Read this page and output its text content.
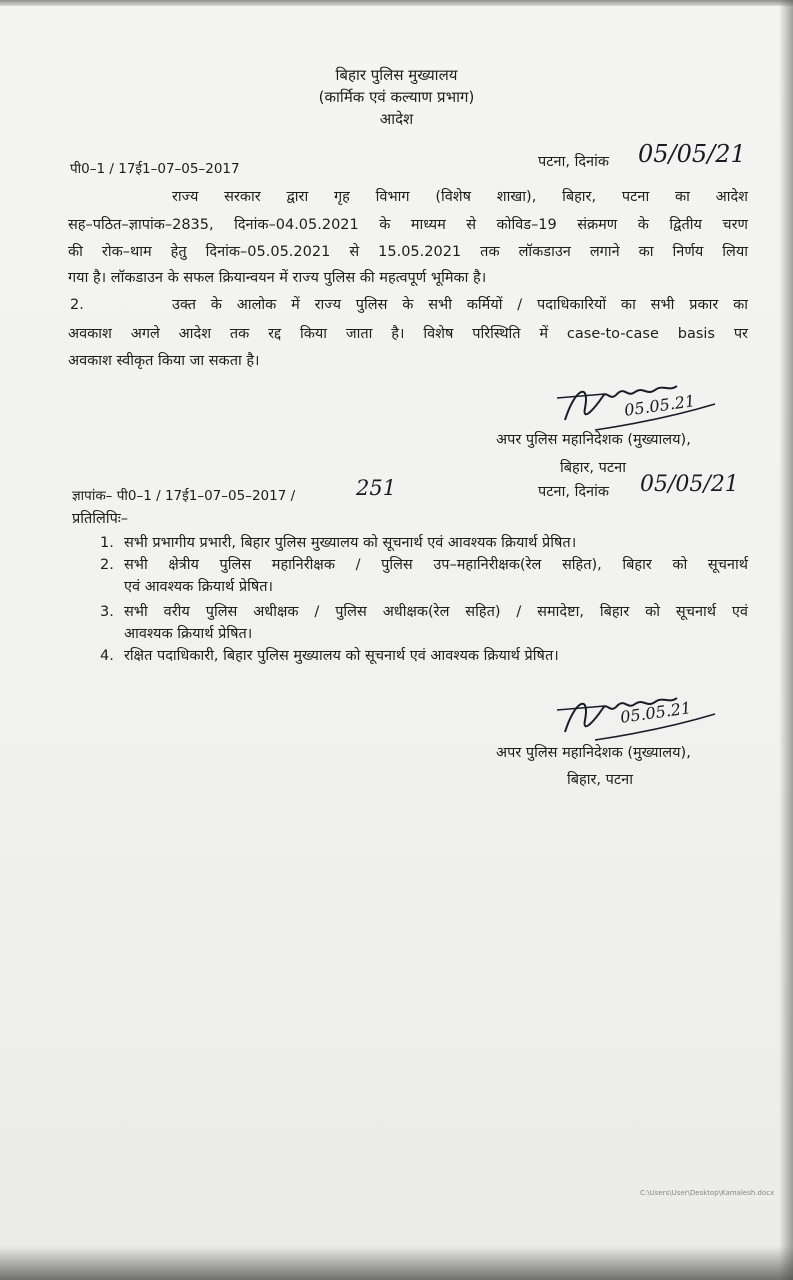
बिहार पुलिस मुख्यालय
(कार्मिक एवं कल्याण प्रभाग)
आदेश
पी0–1 / 17ई1–07–05–2017	पटना, दिनांक 05/05/21
राज्य सरकार द्वारा गृह विभाग (विशेष शाखा), बिहार, पटना का आदेश
सह–पठित–ज्ञापांक–2835, दिनांक–04.05.2021 के माध्यम से कोविड–19 संक्रमण के द्वितीय चरण
की रोक–थाम हेतु दिनांक–05.05.2021 से 15.05.2021 तक लॉकडाउन लगाने का निर्णय लिया
गया है। लॉकडाउन के सफल क्रियान्वयन में राज्य पुलिस की महत्वपूर्ण भूमिका है।
2.	उक्त के आलोक में राज्य पुलिस के सभी कर्मियों / पदाधिकारियों का सभी प्रकार का
अवकाश अगले आदेश तक रद्द किया जाता है। विशेष परिस्थिति में case-to-case basis पर
अवकाश स्वीकृत किया जा सकता है।
05.05.21
अपर पुलिस महानिदेशक (मुख्यालय),
बिहार, पटना
ज्ञापांक– पी0–1 / 17ई1–07–05–2017 /	251	पटना, दिनांक 05/05/21
प्रतिलिपिः–
1. सभी प्रभागीय प्रभारी, बिहार पुलिस मुख्यालय को सूचनार्थ एवं आवश्यक क्रियार्थ प्रेषित।
2. सभी क्षेत्रीय पुलिस महानिरीक्षक / पुलिस उप–महानिरीक्षक(रेल सहित), बिहार को सूचनार्थ
एवं आवश्यक क्रियार्थ प्रेषित।
3. सभी वरीय पुलिस अधीक्षक / पुलिस अधीक्षक(रेल सहित) / समादेष्टा, बिहार को सूचनार्थ एवं
आवश्यक क्रियार्थ प्रेषित।
4. रक्षित पदाधिकारी, बिहार पुलिस मुख्यालय को सूचनार्थ एवं आवश्यक क्रियार्थ प्रेषित।
05.05.21
अपर पुलिस महानिदेशक (मुख्यालय),
बिहार, पटना
C:\Users\User\Desktop\Kamalesh.docx
